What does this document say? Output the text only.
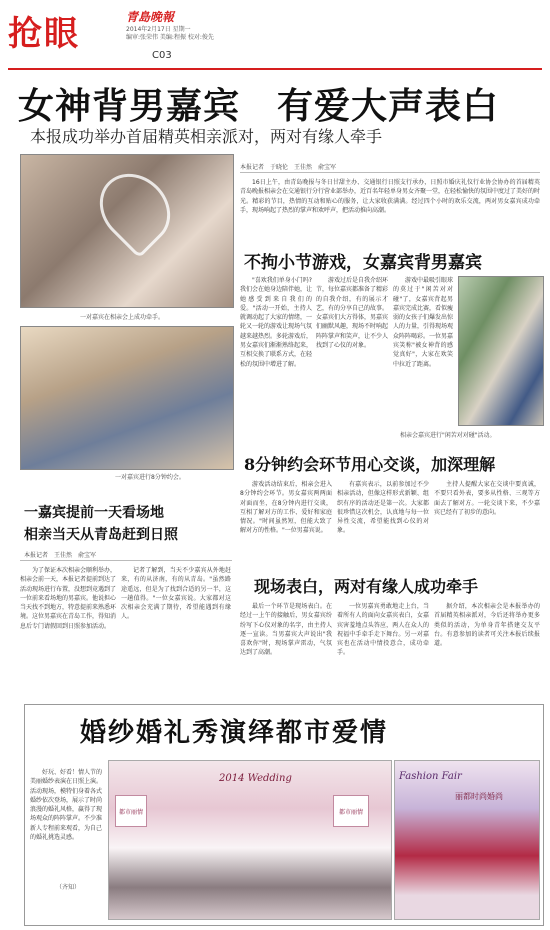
抢眼	青島晚報
2014年2月17日 星期一
编审:张荣伟 美编:程振 校对:俊先
C03
女神背男嘉宾　有爱大声表白
本报成功举办首届精英相亲派对，两对有缘人牵手
一对嘉宾在相亲会上成功牵手。
一对嘉宾进行8分钟约会。
本报记者　于晓伦　王佳然　俞宝军
16日上午，由青岛晚报与冬日甘甜主办、交通银行日照支行承办，日照市婚庆礼仪行业协会协办的首届精英青岛晚报相亲会在交通银行分行营业部举办，近百名年轻单身男女齐聚一堂，在轻松愉快的氛围中度过了美好的时光。精彩的节目，热情的互动和贴心的服务，让大家收获满满。经过四个小时的欢乐交流，两对男女嘉宾成功牵手，现场响起了热烈的掌声和欢呼声，把活动推向高潮。
不拘小节游戏，女嘉宾背男嘉宾
"喜欢我们单身小门吗?我们会在她身边陪伴她，让她感受到来自我们的爱。"活动一开始，主持人就调动起了大家的情绪，一轮又一轮的游戏让现场气氛越来越热烈。多轮游戏后，男女嘉宾们渐渐熟络起来，互相交换了联系方式，在轻松的氛围中增进了解。
游戏过后是自我介绍环节，每位嘉宾都准备了精彩的自我介绍，有的展示才艺，有的分享自己的故事。女嘉宾们大方得体，男嘉宾们幽默风趣，现场不时响起阵阵掌声和笑声，让不少人找到了心仪的对象。
游戏中最吸引眼球的莫过于"闲苦对对碰"了，女嘉宾背起男嘉宾完成比赛，看似瘦弱的女孩子们爆发出惊人的力量，引得现场观众阵阵喝彩。一位男嘉宾笑称"被女神背的感觉真好"，大家在欢笑中拉近了距离。
相亲会嘉宾进行"闲苦对对碰"活动。
8分钟约会环节用心交谈，加深理解
游戏活动结束后，相亲会进入8分钟约会环节。男女嘉宾两两面对面而坐，在8分钟内进行交谈，互相了解对方的工作、爱好和家庭情况。"时间虽然短，但能大致了解对方的性格。"一位男嘉宾说。
有嘉宾表示，以前参加过不少相亲活动，但像这样形式新颖、组织有序的活动还是第一次。大家都很珍惜这次机会，认真地与每一位异性交流，希望能找到心仪的对象。
主持人提醒大家在交谈中要真诚，不要只看外表，要多从性格、三观等方面去了解对方。一轮交谈下来，不少嘉宾已经有了初步的意向。
现场表白，两对有缘人成功牵手
最后一个环节是现场表白。在经过一上午的接触后，男女嘉宾纷纷写下心仪对象的名字，由主持人逐一宣读。当男嘉宾大声说出"我喜欢你"时，现场掌声雷动，气氛达到了高潮。
一位男嘉宾勇敢地走上台，当着所有人的面向女嘉宾表白，女嘉宾害羞地点头答应，两人在众人的祝福中手牵手走下舞台。另一对嘉宾也在活动中情投意合，成功牵手。
据介绍，本次相亲会是本报举办的首届精英相亲派对，今后还将举办更多类似的活动，为单身青年搭建交友平台。有意参加的读者可关注本报后续报道。
一嘉宾提前一天看场地
相亲当天从青岛赶到日照
本报记者　王佳然　俞宝军
为了保证本次相亲会顺利举办，相亲会前一天，本报记者提前到达了活动现场进行布置，没想到竟遇到了一位前来看场地的男嘉宾。他说担心当天找不到地方，特意提前来熟悉环境。这位男嘉宾在青岛工作，得知消息后专门请假回到日照参加活动。
记者了解到，当天不少嘉宾从外地赶来，有的从济南，有的从青岛。"虽然路途遥远，但是为了找到合适的另一半，这一趟值得。"一位女嘉宾说。大家都对这次相亲会充满了期待，希望能遇到有缘人。
婚纱婚礼秀演绎都市爱情
好玩、好看！情人节的美丽婚纱表演在日照上演。活动现场，模特们身着各式婚纱依次登场，展示了时尚浪漫的婚礼风格，赢得了现场观众的阵阵掌声。不少准新人专程前来观看，为自己的婚礼挑选灵感。
（齐知）
2014 Wedding
都市丽情	都市丽情
Fashion Fair
丽都时尚婚尚
